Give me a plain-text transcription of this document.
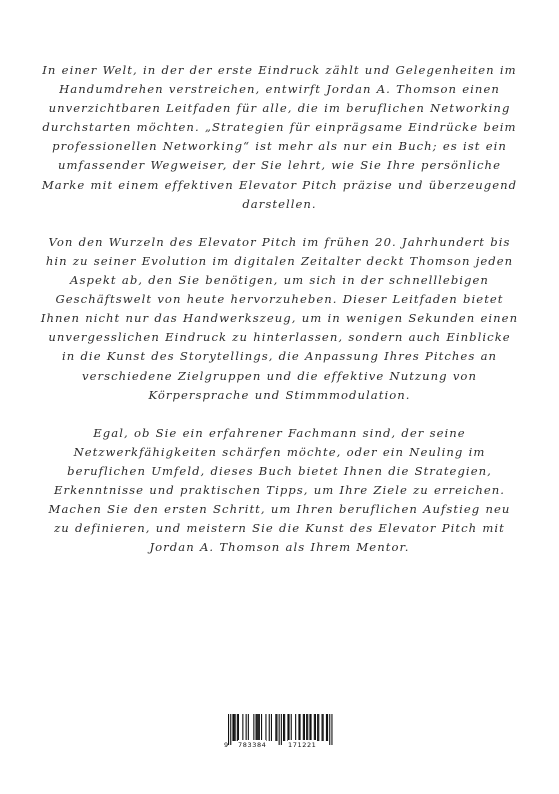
In einer Welt, in der der erste Eindruck zählt und Gelegenheiten im Handumdrehen verstreichen, entwirft Jordan A. Thomson einen unverzichtbaren Leitfaden für alle, die im beruflichen Networking durchstarten möchten. „Strategien für einprägsame Eindrücke beim professionellen Networking“ ist mehr als nur ein Buch; es ist ein umfassender Wegweiser, der Sie lehrt, wie Sie Ihre persönliche Marke mit einem effektiven Elevator Pitch präzise und überzeugend darstellen.

Von den Wurzeln des Elevator Pitch im frühen 20. Jahrhundert bis hin zu seiner Evolution im digitalen Zeitalter deckt Thomson jeden Aspekt ab, den Sie benötigen, um sich in der schnelllebigen Geschäftswelt von heute hervorzuheben. Dieser Leitfaden bietet Ihnen nicht nur das Handwerkszeug, um in wenigen Sekunden einen unvergesslichen Eindruck zu hinterlassen, sondern auch Einblicke in die Kunst des Storytellings, die Anpassung Ihres Pitches an verschiedene Zielgruppen und die effektive Nutzung von Körpersprache und Stimmmodulation.

Egal, ob Sie ein erfahrener Fachmann sind, der seine Netzwerkfähigkeiten schärfen möchte, oder ein Neuling im beruflichen Umfeld, dieses Buch bietet Ihnen die Strategien, Erkenntnisse und praktischen Tipps, um Ihre Ziele zu erreichen. Machen Sie den ersten Schritt, um Ihren beruflichen Aufstieg neu zu definieren, und meistern Sie die Kunst des Elevator Pitch mit Jordan A. Thomson als Ihrem Mentor.

9 783384	171221
